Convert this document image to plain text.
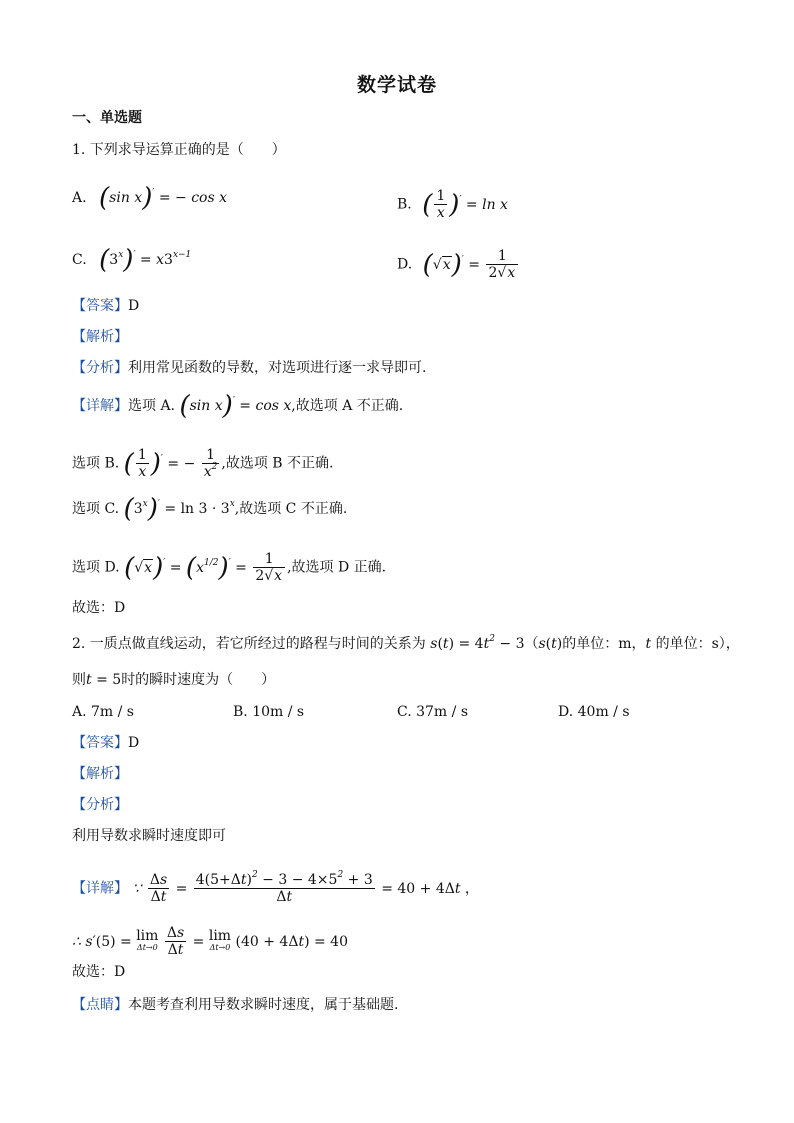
数学试卷
一、单选题
1. 下列求导运算正确的是（　　）
A. (sin x)′ = − cos x	B. ( $\frac{1}{x} )' = \ln x$
C. $(3^x)' = x3^{x-1}$
D. $(√x)' = \frac{1}{2√x}$
【答案】D
【解析】
【分析】利用常见函数的导数，对选项进行逐一求导即可.
【详解】选项 A. (sin x)′ = cos x,故选项 A 不正确.
选项 B. ( $\frac{1}{x} )'$ = − $\frac{1}{x^2}$ ,故选项 B 不正确.
选项 C. $(3^x)' = \ln 3 \cdot 3^x$,故选项 C 不正确.
选项 D. $(√x)' = (x^{1/2})' = \frac{1}{2√x}$ ,故选项 D 正确.
故选：D
2. 一质点做直线运动，若它所经过的路程与时间的关系为 $s(t) = 4t^2 - 3(s(t)$的单位：m，t 的单位：s），
则t = 5时的瞬时速度为（　　）
A. 7m / s	B. 10m / s	C. 37m / s	D. 40m / s
【答案】D
【解析】
【分析】
利用导数求瞬时速度即可
【详解】 ∵ $\frac{\Delta s}{\Delta t} = \frac{4(5+\Delta t)^2 - 3 - 4\times 5^2 + 3}{\Delta t} = 40 + 4\Delta t$ ，
∴ s′(5) = lim
Δt→0
$\frac{\Delta s}{\Delta t} = \lim$
Δt→0 (40 + 4Δt) = 40
故选：D
【点睛】本题考查利用导数求瞬时速度，属于基础题.
